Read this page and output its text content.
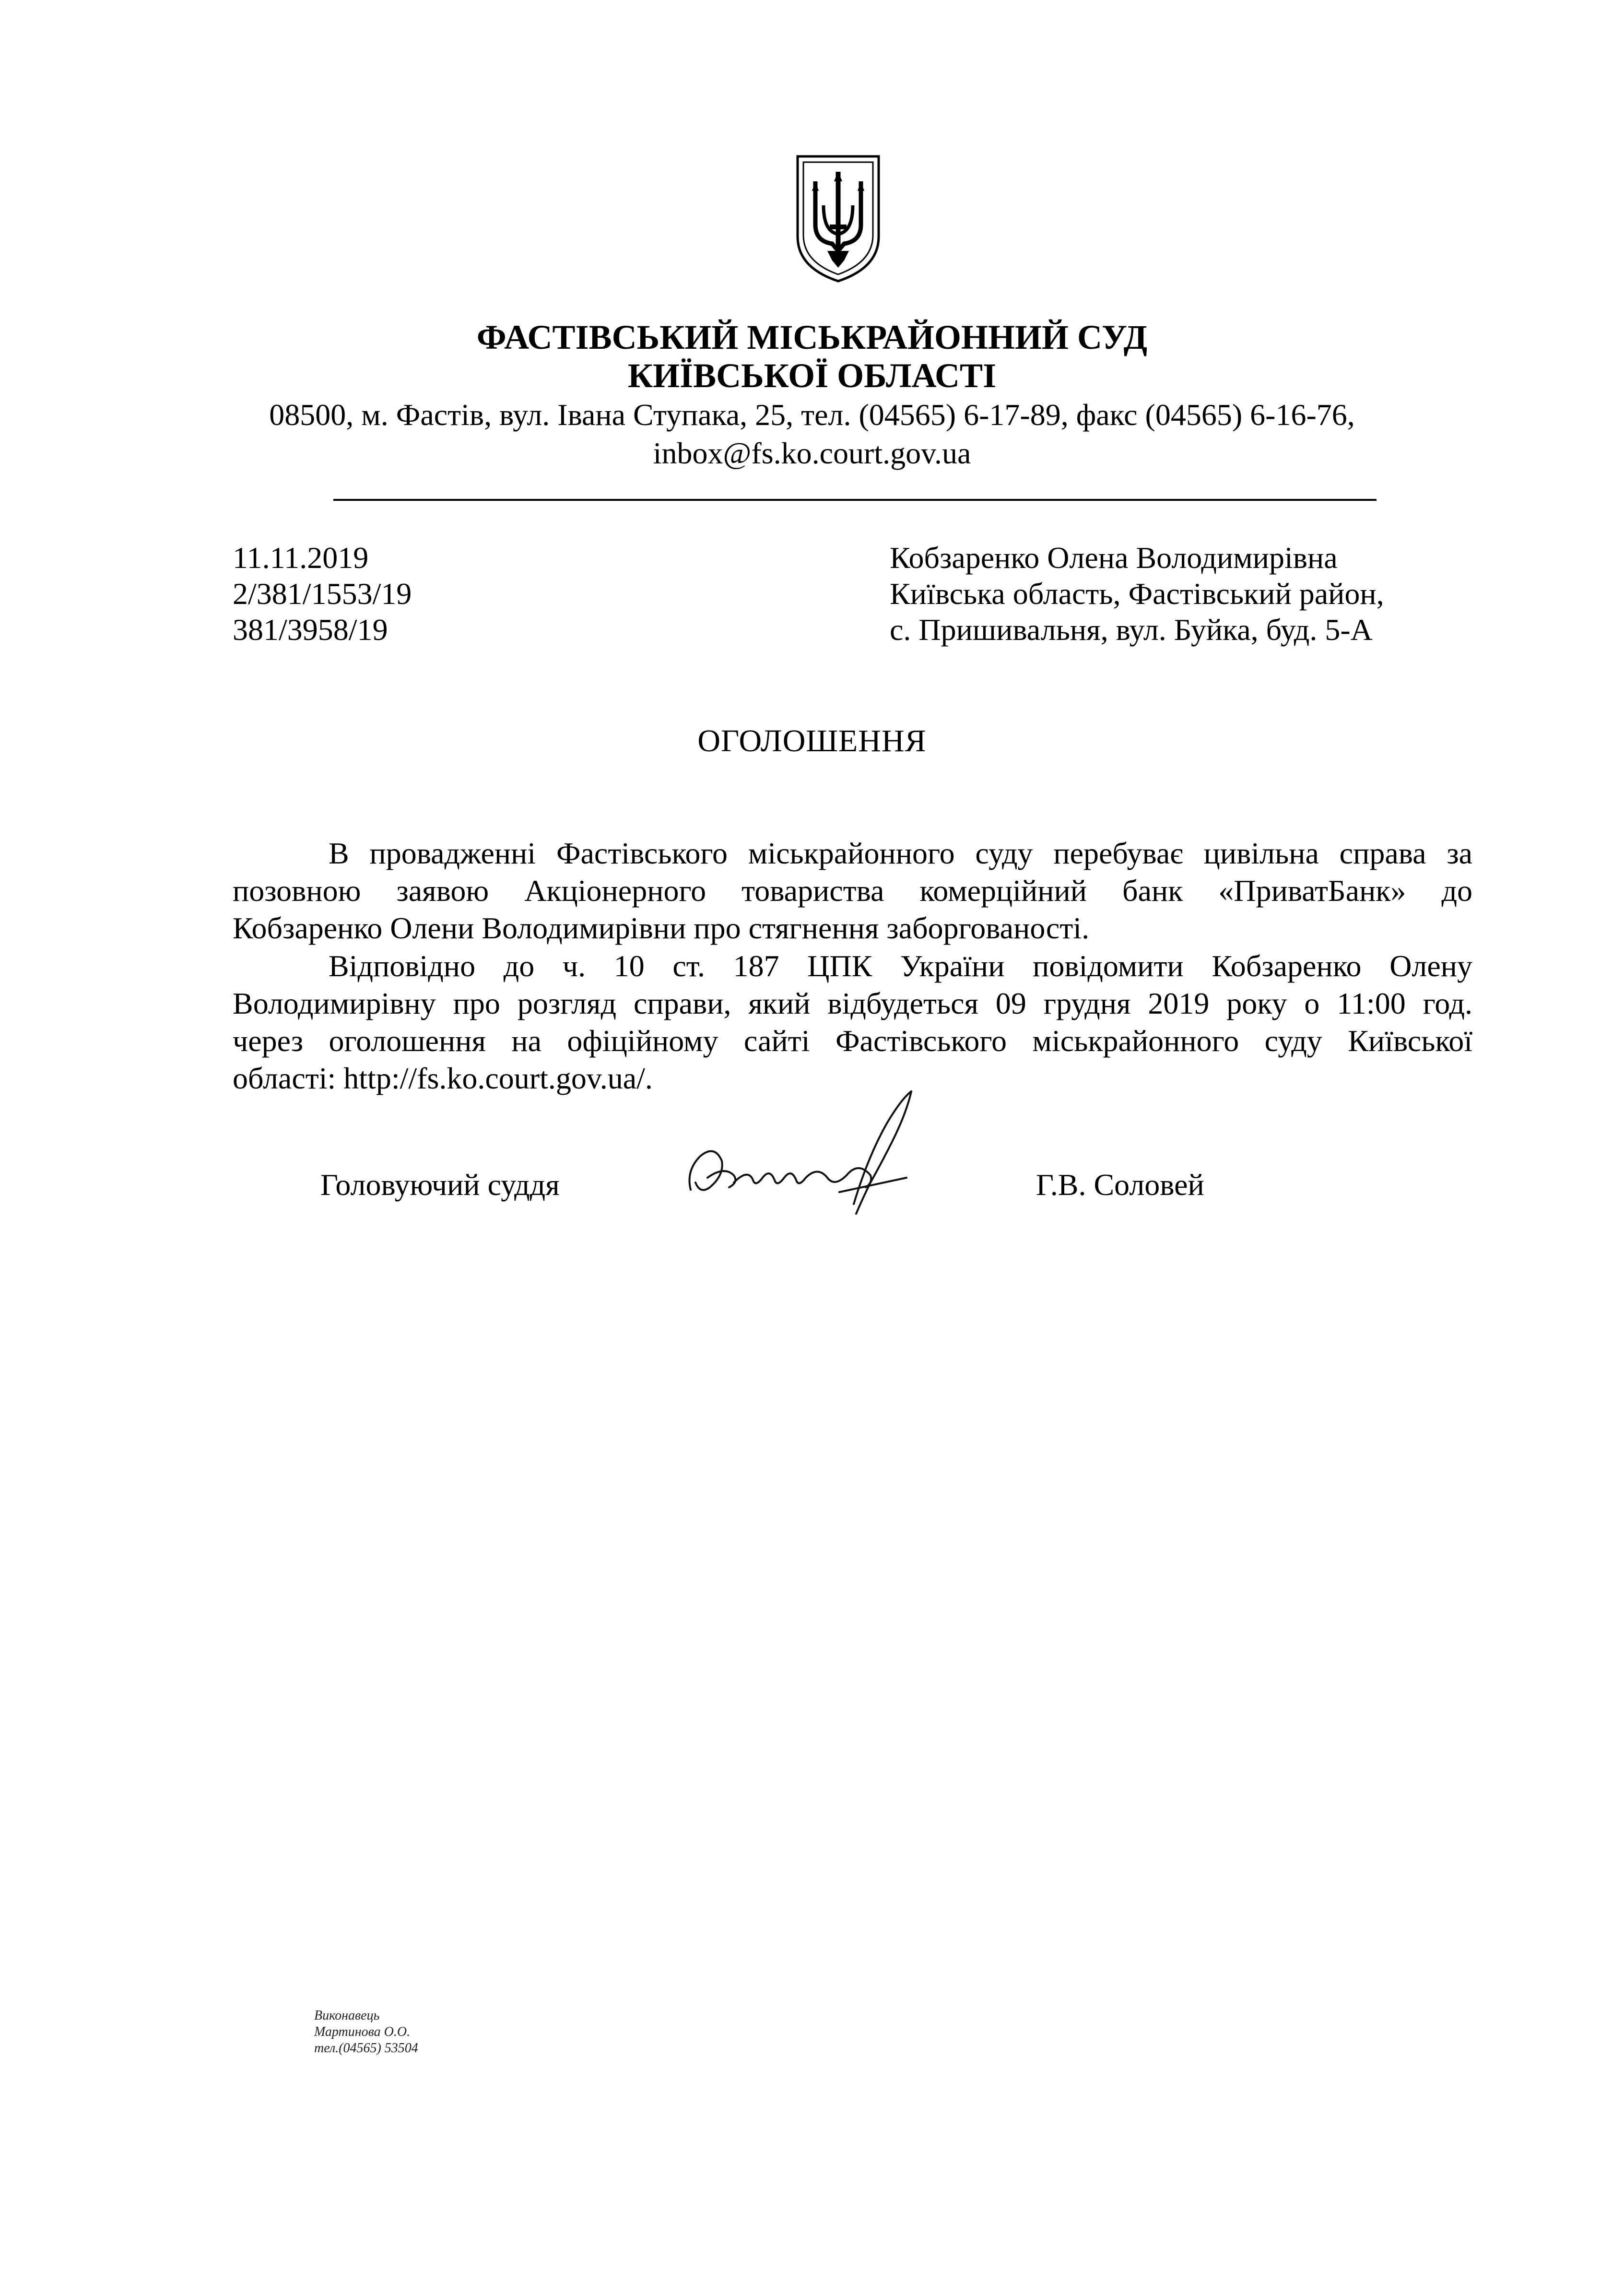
ФАСТІВСЬКИЙ МІСЬКРАЙОННИЙ СУД
КИЇВСЬКОЇ ОБЛАСТІ
08500, м. Фастів, вул. Івана Ступака, 25, тел. (04565) 6-17-89, факс (04565) 6-16-76,
inbox@fs.ko.court.gov.ua
11.11.2019
2/381/1553/19
381/3958/19
Кобзаренко Олена Володимирівна
Київська область, Фастівський район,
с. Пришивальня, вул. Буйка, буд. 5-А
ОГОЛОШЕННЯ
В провадженні Фастівського міськрайонного суду перебуває цивільна справа за
позовною заявою Акціонерного товариства комерційний банк «ПриватБанк» до
Кобзаренко Олени Володимирівни про стягнення заборгованості.
Відповідно до ч. 10 ст. 187 ЦПК України повідомити Кобзаренко Олену
Володимирівну про розгляд справи, який відбудеться 09 грудня 2019 року о 11:00 год.
через оголошення на офіційному сайті Фастівського міськрайонного суду Київської
області: http://fs.ko.court.gov.ua/.
Головуючий суддя	Г.В. Соловей
Виконавець
Мартинова О.О.
тел.(04565) 53504
